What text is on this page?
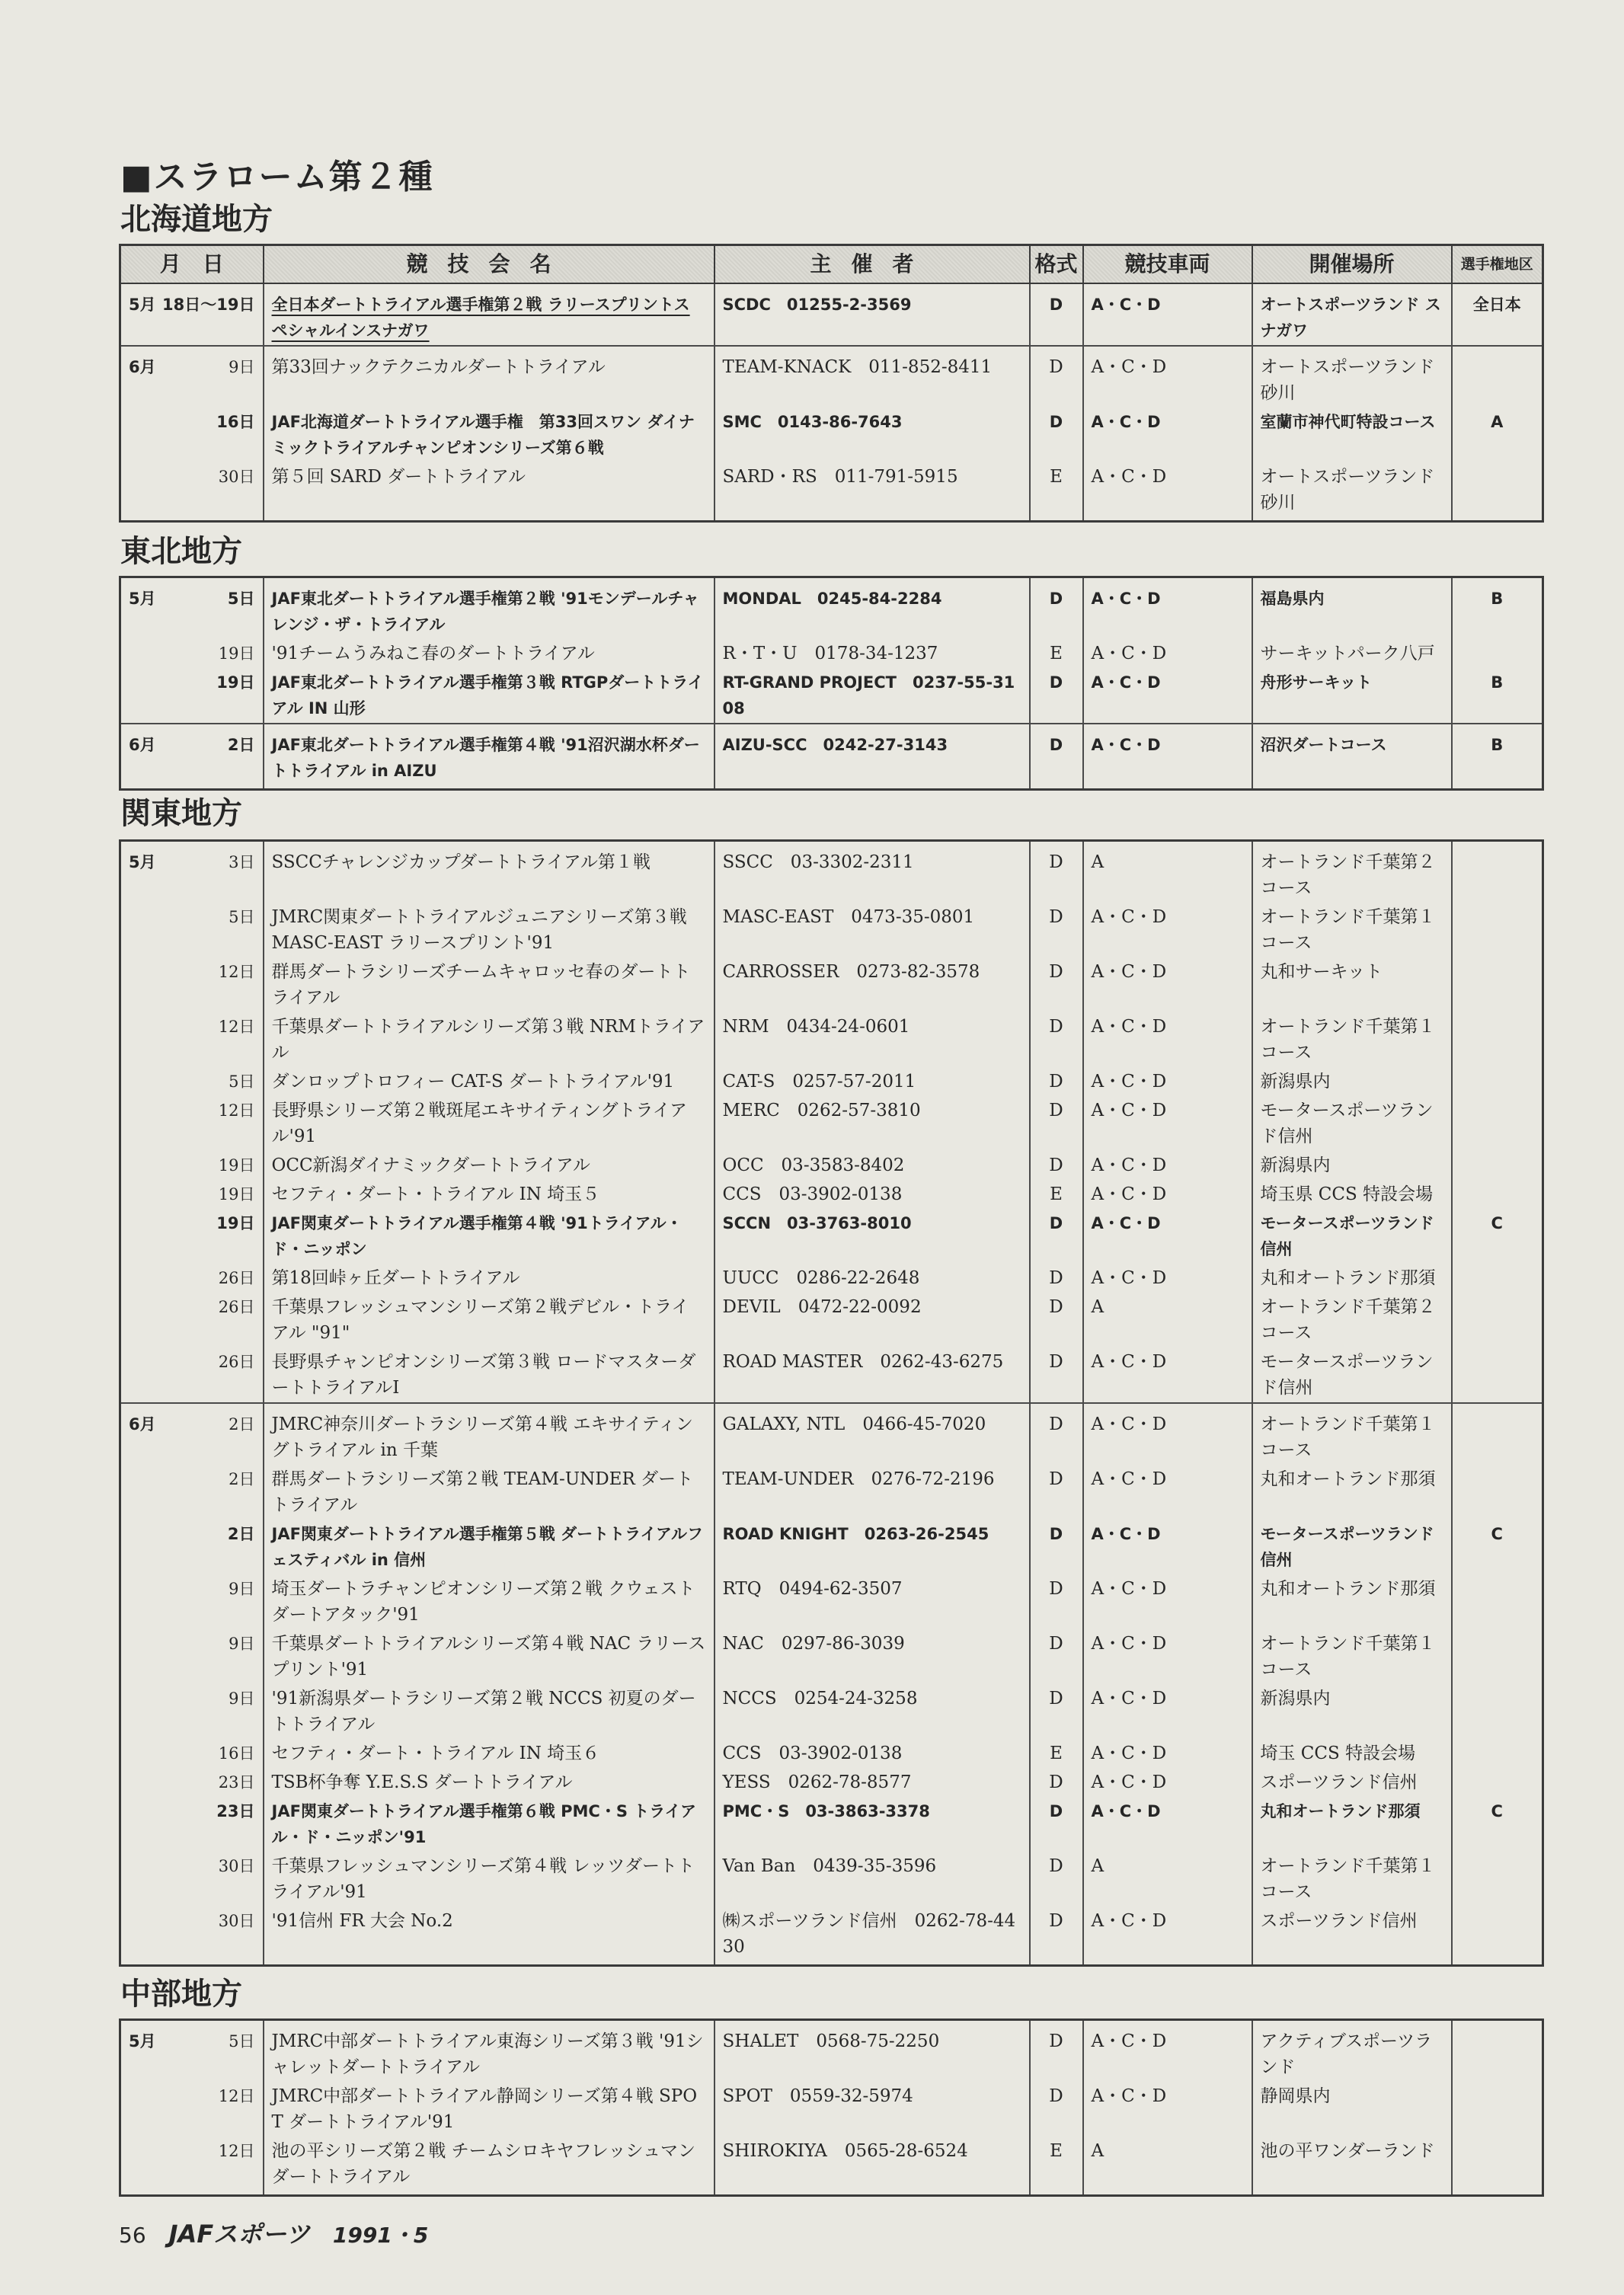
■スラローム第２種
北海道地方
月　日	競技会名	主催者	格式	競技車両	開催場所	選手権地区

5月 18日～19日	全日本ダートトライアル選手権第２戦 ラリースプリントスペシャルインスナガワ	SCDC　01255-2-3569	D	A・C・D	オートスポーツランド スナガワ	全日本

6月 9日	第33回ナックテクニカルダートトライアル	TEAM-KNACK　011-852-8411	D	A・C・D	オートスポーツランド 砂川	

16日	JAF北海道ダートトライアル選手権　第33回スワン ダイナミックトライアルチャンピオンシリーズ第６戦	SMC　0143-86-7643	D	A・C・D	室蘭市神代町特設コース	A

30日	第５回 SARD ダートトライアル	SARD・RS　011-791-5915	E	A・C・D	オートスポーツランド 砂川	
東北地方
5月 5日	JAF東北ダートトライアル選手権第２戦 '91モンデールチャレンジ・ザ・トライアル	MONDAL　0245-84-2284	D	A・C・D	福島県内	B

19日	'91チームうみねこ春のダートトライアル	R・T・U　0178-34-1237	E	A・C・D	サーキットパーク八戸	

19日	JAF東北ダートトライアル選手権第３戦 RTGPダートトライアル IN 山形	RT-GRAND PROJECT　0237-55-3108	D	A・C・D	舟形サーキット	B

6月 2日	JAF東北ダートトライアル選手権第４戦 '91沼沢湖水杯ダートトライアル in AIZU	AIZU-SCC　0242-27-3143	D	A・C・D	沼沢ダートコース	B
関東地方
5月 3日	SSCCチャレンジカップダートトライアル第１戦	SSCC　03-3302-2311	D	A	オートランド千葉第２コース	

5日	JMRC関東ダートトライアルジュニアシリーズ第３戦 MASC-EAST ラリースプリント'91	MASC-EAST　0473-35-0801	D	A・C・D	オートランド千葉第１コース	

12日	群馬ダートラシリーズチームキャロッセ春のダートトライアル	CARROSSER　0273-82-3578	D	A・C・D	丸和サーキット	

12日	千葉県ダートトライアルシリーズ第３戦 NRMトライアル	NRM　0434-24-0601	D	A・C・D	オートランド千葉第１コース	

5日	ダンロップトロフィー CAT-S ダートトライアル'91	CAT-S　0257-57-2011	D	A・C・D	新潟県内	

12日	長野県シリーズ第２戦斑尾エキサイティングトライアル'91	MERC　0262-57-3810	D	A・C・D	モータースポーツランド信州	

19日	OCC新潟ダイナミックダートトライアル	OCC　03-3583-8402	D	A・C・D	新潟県内	

19日	セフティ・ダート・トライアル IN 埼玉５	CCS　03-3902-0138	E	A・C・D	埼玉県 CCS 特設会場	

19日	JAF関東ダートトライアル選手権第４戦 '91トライアル・ド・ニッポン	SCCN　03-3763-8010	D	A・C・D	モータースポーツランド信州	C

26日	第18回峠ヶ丘ダートトライアル	UUCC　0286-22-2648	D	A・C・D	丸和オートランド那須	

26日	千葉県フレッシュマンシリーズ第２戦デビル・トライアル "91"	DEVIL　0472-22-0092	D	A	オートランド千葉第２コース	

26日	長野県チャンピオンシリーズ第３戦 ロードマスターダートトライアルⅠ	ROAD MASTER　0262-43-6275	D	A・C・D	モータースポーツランド信州	

6月 2日	JMRC神奈川ダートラシリーズ第４戦 エキサイティングトライアル in 千葉	GALAXY, NTL　0466-45-7020	D	A・C・D	オートランド千葉第１コース	

2日	群馬ダートラシリーズ第２戦 TEAM-UNDER ダートトライアル	TEAM-UNDER　0276-72-2196	D	A・C・D	丸和オートランド那須	

2日	JAF関東ダートトライアル選手権第５戦 ダートトライアルフェスティバル in 信州	ROAD KNIGHT　0263-26-2545	D	A・C・D	モータースポーツランド信州	C

9日	埼玉ダートラチャンピオンシリーズ第２戦 クウェストダートアタック'91	RTQ　0494-62-3507	D	A・C・D	丸和オートランド那須	

9日	千葉県ダートトライアルシリーズ第４戦 NAC ラリースプリント'91	NAC　0297-86-3039	D	A・C・D	オートランド千葉第１コース	

9日	'91新潟県ダートラシリーズ第２戦 NCCS 初夏のダートトライアル	NCCS　0254-24-3258	D	A・C・D	新潟県内	

16日	セフティ・ダート・トライアル IN 埼玉６	CCS　03-3902-0138	E	A・C・D	埼玉 CCS 特設会場	

23日	TSB杯争奪 Y.E.S.S ダートトライアル	YESS　0262-78-8577	D	A・C・D	スポーツランド信州	

23日	JAF関東ダートトライアル選手権第６戦 PMC・S トライアル・ド・ニッポン'91	PMC・S　03-3863-3378	D	A・C・D	丸和オートランド那須	C

30日	千葉県フレッシュマンシリーズ第４戦 レッツダートトライアル'91	Van Ban　0439-35-3596	D	A	オートランド千葉第１コース	

30日	'91信州 FR 大会 No.2	㈱スポーツランド信州　0262-78-4430	D	A・C・D	スポーツランド信州	
中部地方
5月 5日	JMRC中部ダートトライアル東海シリーズ第３戦 '91シャレットダートトライアル	SHALET　0568-75-2250	D	A・C・D	アクティブスポーツランド	

12日	JMRC中部ダートトライアル静岡シリーズ第４戦 SPOT ダートトライアル'91	SPOT　0559-32-5974	D	A・C・D	静岡県内	

12日	池の平シリーズ第２戦 チームシロキヤフレッシュマンダートトライアル	SHIROKIYA　0565-28-6524	E	A	池の平ワンダーランド	
56 JAFスポーツ 1991・5
